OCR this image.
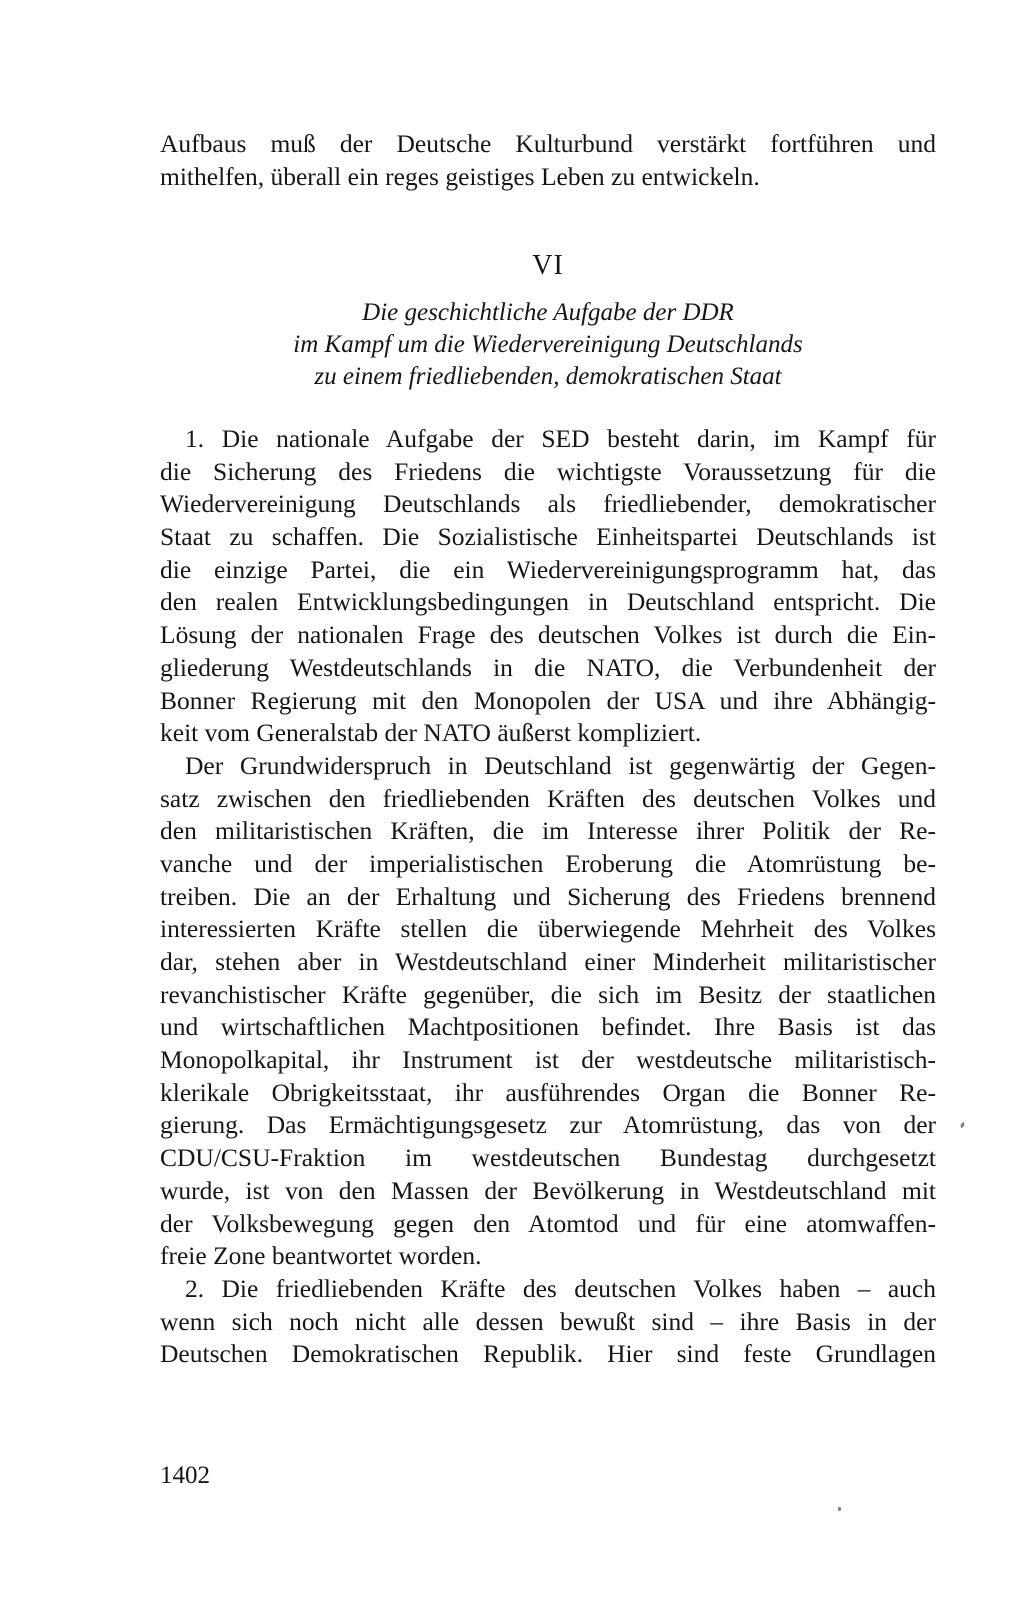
Aufbaus muß der Deutsche Kulturbund verstärkt fortführen und
mithelfen, überall ein reges geistiges Leben zu entwickeln.
VI
Die geschichtliche Aufgabe der DDR
im Kampf um die Wiedervereinigung Deutschlands
zu einem friedliebenden, demokratischen Staat
1. Die nationale Aufgabe der SED besteht darin, im Kampf für
die Sicherung des Friedens die wichtigste Voraussetzung für die
Wiedervereinigung Deutschlands als friedliebender, demokratischer
Staat zu schaffen. Die Sozialistische Einheitspartei Deutschlands ist
die einzige Partei, die ein Wiedervereinigungsprogramm hat, das
den realen Entwicklungsbedingungen in Deutschland entspricht. Die
Lösung der nationalen Frage des deutschen Volkes ist durch die Ein-
gliederung Westdeutschlands in die NATO, die Verbundenheit der
Bonner Regierung mit den Monopolen der USA und ihre Abhängig-
keit vom Generalstab der NATO äußerst kompliziert.
Der Grundwiderspruch in Deutschland ist gegenwärtig der Gegen-
satz zwischen den friedliebenden Kräften des deutschen Volkes und
den militaristischen Kräften, die im Interesse ihrer Politik der Re-
vanche und der imperialistischen Eroberung die Atomrüstung be-
treiben. Die an der Erhaltung und Sicherung des Friedens brennend
interessierten Kräfte stellen die überwiegende Mehrheit des Volkes
dar, stehen aber in Westdeutschland einer Minderheit militaristischer
revanchistischer Kräfte gegenüber, die sich im Besitz der staatlichen
und wirtschaftlichen Machtpositionen befindet. Ihre Basis ist das
Monopolkapital, ihr Instrument ist der westdeutsche militaristisch-
klerikale Obrigkeitsstaat, ihr ausführendes Organ die Bonner Re-
gierung. Das Ermächtigungsgesetz zur Atomrüstung, das von der
CDU/CSU-Fraktion im westdeutschen Bundestag durchgesetzt
wurde, ist von den Massen der Bevölkerung in Westdeutschland mit
der Volksbewegung gegen den Atomtod und für eine atomwaffen-
freie Zone beantwortet worden.
2. Die friedliebenden Kräfte des deutschen Volkes haben – auch
wenn sich noch nicht alle dessen bewußt sind – ihre Basis in der
Deutschen Demokratischen Republik. Hier sind feste Grundlagen
1402
